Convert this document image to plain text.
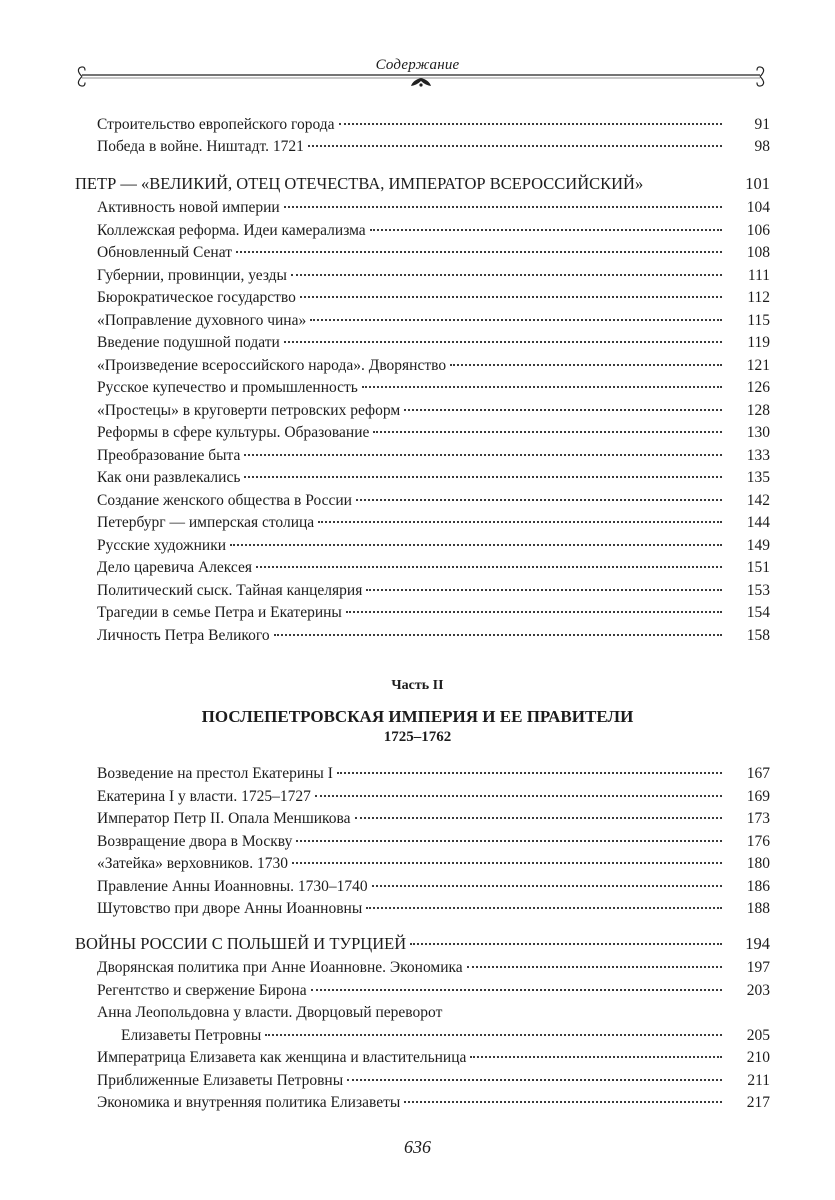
Содержание
Строительство европейского города	91
Победа в войне. Ништадт. 1721	98
ПЕТР — «ВЕЛИКИЙ, ОТЕЦ ОТЕЧЕСТВА, ИМПЕРАТОР ВСЕРОССИЙСКИЙ»	101
Активность новой империи	104
Коллежская реформа. Идеи камерализма	106
Обновленный Сенат	108
Губернии, провинции, уезды	111
Бюрократическое государство	112
«Поправление духовного чина»	115
Введение подушной подати	119
«Произведение всероссийского народа». Дворянство	121
Русское купечество и промышленность	126
«Простецы» в круговерти петровских реформ	128
Реформы в сфере культуры. Образование	130
Преобразование быта	133
Как они развлекались	135
Создание женского общества в России	142
Петербург — имперская столица	144
Русские художники	149
Дело царевича Алексея	151
Политический сыск. Тайная канцелярия	153
Трагедии в семье Петра и Екатерины	154
Личность Петра Великого	158
Часть II
ПОСЛЕПЕТРОВСКАЯ ИМПЕРИЯ И ЕЕ ПРАВИТЕЛИ
1725–1762
Возведение на престол Екатерины I	167
Екатерина I у власти. 1725–1727	169
Император Петр II. Опала Меншикова	173
Возвращение двора в Москву	176
«Затейка» верховников. 1730	180
Правление Анны Иоанновны. 1730–1740	186
Шутовство при дворе Анны Иоанновны	188
ВОЙНЫ РОССИИ С ПОЛЬШЕЙ И ТУРЦИЕЙ	194
Дворянская политика при Анне Иоанновне. Экономика	197
Регентство и свержение Бирона	203
Анна Леопольдовна у власти. Дворцовый переворот
Елизаветы Петровны	205
Императрица Елизавета как женщина и властительница	210
Приближенные Елизаветы Петровны	211
Экономика и внутренняя политика Елизаветы	217
636
